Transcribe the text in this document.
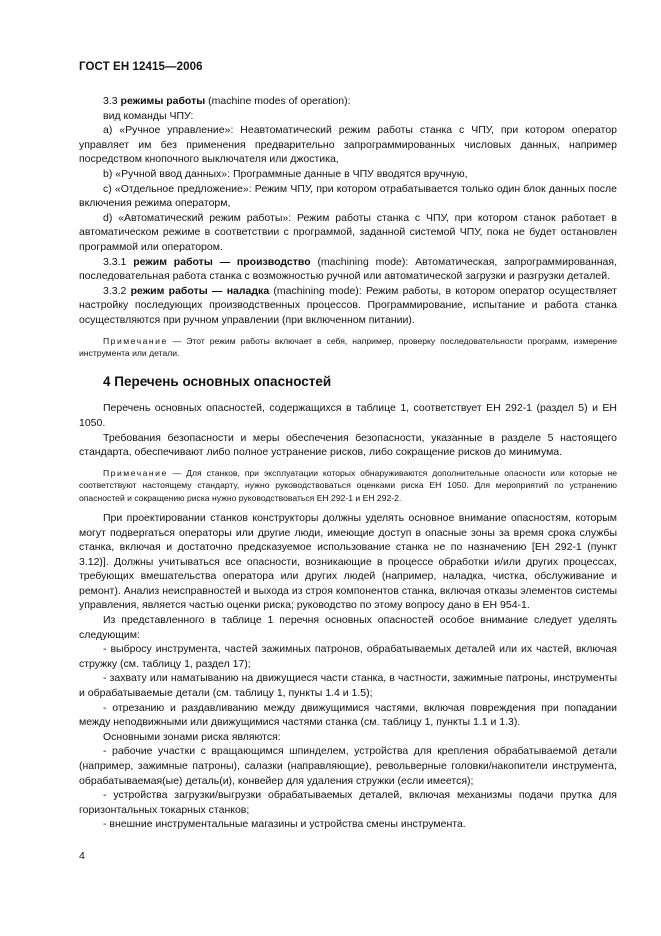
ГОСТ ЕН 12415—2006

3.3 режимы работы (machine modes of operation):

вид команды ЧПУ:

a) «Ручное управление»: Неавтоматический режим работы станка с ЧПУ, при котором оператор управляет им без применения предварительно запрограммированных числовых данных, например посредством кнопочного выключателя или джостика,

b) «Ручной ввод данных»: Программные данные в ЧПУ вводятся вручную,

c) «Отдельное предложение»: Режим ЧПУ, при котором отрабатывается только один блок данных после включения режима операторм,

d) «Автоматический режим работы»: Режим работы станка с ЧПУ, при котором станок работает в автоматическом режиме в соответствии с программой, заданной системой ЧПУ, пока не будет остановлен программой или оператором.

3.3.1 режим работы — производство (machining mode): Автоматическая, запрограммированная, последовательная работа станка с возможностью ручной или автоматической загрузки и разгрузки деталей.

3.3.2 режим работы — наладка (machining mode): Режим работы, в котором оператор осуществляет настройку последующих производственных процессов. Программирование, испытание и работа станка осуществляются при ручном управлении (при включенном питании).

Примечание — Этот режим работы включает в себя, например, проверку последовательности программ, измерение инструмента или детали.

4 Перечень основных опасностей

Перечень основных опасностей, содержащихся в таблице 1, соответствует ЕН 292-1 (раздел 5) и ЕН 1050.

Требования безопасности и меры обеспечения безопасности, указанные в разделе 5 настоящего стандарта, обеспечивают либо полное устранение рисков, либо сокращение рисков до минимума.

Примечание — Для станков, при эксплуатации которых обнаруживаются дополнительные опасности или которые не соответствуют настоящему стандарту, нужно руководствоваться оценками риска ЕН 1050. Для мероприятий по устранению опасностей и сокращению риска нужно руководствоваться ЕН 292-1 и ЕН 292-2.

При проектировании станков конструкторы должны уделять основное внимание опасностям, которым могут подвергаться операторы или другие люди, имеющие доступ в опасные зоны за время срока службы станка, включая и достаточно предсказуемое использование станка не по назначению [ЕН 292-1 (пункт 3.12)]. Должны учитываться все опасности, возникающие в процессе обработки и/или других процессах, требующих вмешательства оператора или других людей (например, наладка, чистка, обслуживание и ремонт). Анализ неисправностей и выхода из строя компонентов станка, включая отказы элементов системы управления, является частью оценки риска; руководство по этому вопросу дано в ЕН 954-1.

Из представленного в таблице 1 перечня основных опасностей особое внимание следует уделять следующим:

- выбросу инструмента, частей зажимных патронов, обрабатываемых деталей или их частей, включая стружку (см. таблицу 1, раздел 17);

- захвату или наматыванию на движущиеся части станка, в частности, зажимные патроны, инструменты и обрабатываемые детали (см. таблицу 1, пункты 1.4 и 1.5);

- отрезанию и раздавливанию между движущимися частями, включая повреждения при попадании между неподвижными или движущимися частями станка (см. таблицу 1, пункты 1.1 и 1.3).

Основными зонами риска являются:

- рабочие участки с вращающимся шпинделем, устройства для крепления обрабатываемой детали (например, зажимные патроны), салазки (направляющие), револьверные головки/накопители инструмента, обрабатываемая(ые) деталь(и), конвейер для удаления стружки (если имеется);

- устройства загрузки/выгрузки обрабатываемых деталей, включая механизмы подачи прутка для горизонтальных токарных станков;

- внешние инструментальные магазины и устройства смены инструмента.

4
